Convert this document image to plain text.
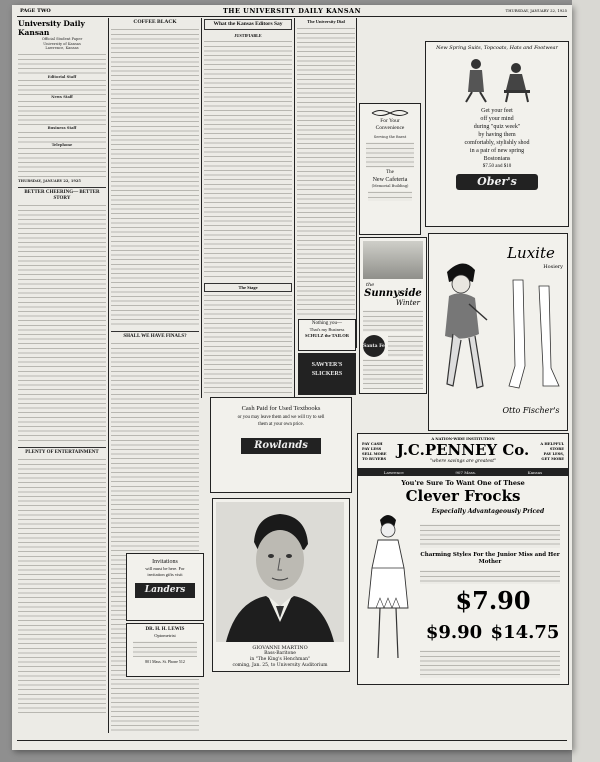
PAGE TWO	THE UNIVERSITY DAILY KANSAN	THURSDAY, JANUARY 22, 1925
University Daily Kansan
Official Student Paper
University of Kansas
Lawrence, Kansas
Editorial Staff
News Staff
Business Staff
Telephone
THURSDAY, JANUARY 22, 1925
BETTER CHEERING— BETTER STORY
PLENTY OF ENTERTAINMENT
COFFEE BLACK
SHALL WE HAVE FINALS?
What the Kansas Editors Say
JUSTIFIABLE
The Stage
The University Dial
Nothing you—
That's my Business
SCHULZ the TAILOR
SAWYER'S
SLICKERS
For Your
Convenience
Serving the finest
The
New Cafeteria
(Memorial Building)
the
Sunnyside
Winter
Santa Fe
New Spring Suits, Topcoats, Hats and Footwear
Get your feet
off your mind
during "quiz week"
by having them
comfortably, stylishly shod
in a pair of new spring
Bostonians
$7.50 and $10
Ober's
Luxite
Hosiery
Otto Fischer's
Cash Paid for Used Textbooks
or you may leave them and we will try to sell
them at your own price.
Rowlands
Invitations
will must be here. For
invitation gifts visit
Landers
DR. H. H. LEWIS
Optometrist
801 Mass. St. Phone 512
GIOVANNI MARTINO
Bass-Baritone
in "The King's Henchman"
coming, Jan. 25, to University Auditorium
PAY CASH
PAY LESS
SELL MORE
TO BUYERS
A NATION-WIDE INSTITUTION
J.C.PENNEY Co.
"where savings are greatest"
A HELPFUL
STORE
PAY LESS,
GET MORE
Lawrence	907 Mass.	Kansas
You're Sure To Want One of These
Clever Frocks
Especially Advantageously Priced
Charming Styles For the Junior Miss and Her Mother
$7.90
$9.90 $14.75
